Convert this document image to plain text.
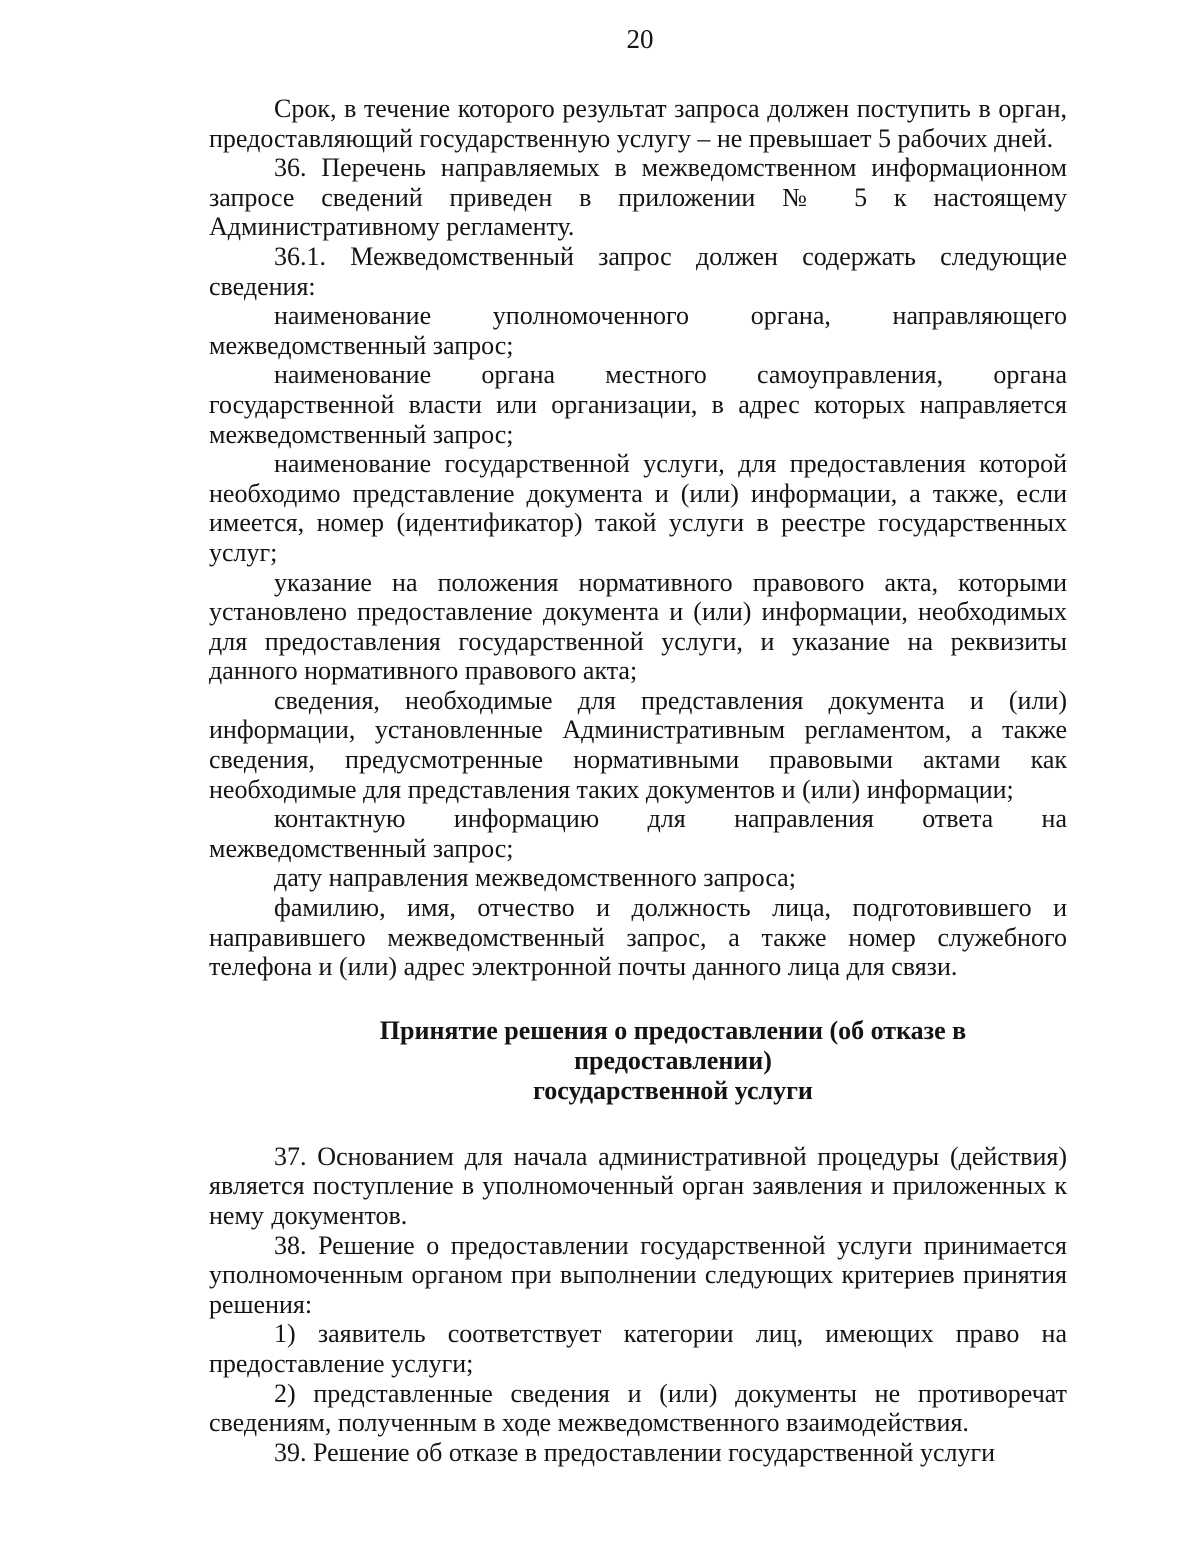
20

Срок, в течение которого результат запроса должен поступить в орган, предоставляющий государственную услугу – не превышает 5 рабочих дней.

36. Перечень направляемых в межведомственном информационном запросе сведений приведен в приложении № 5 к настоящему Административному регламенту.

36.1. Межведомственный запрос должен содержать следующие сведения:

наименование уполномоченного органа, направляющего межведомственный запрос;

наименование органа местного самоуправления, органа государственной власти или организации, в адрес которых направляется межведомственный запрос;

наименование государственной услуги, для предоставления которой необходимо представление документа и (или) информации, а также, если имеется, номер (идентификатор) такой услуги в реестре государственных услуг;

указание на положения нормативного правового акта, которыми установлено предоставление документа и (или) информации, необходимых для предоставления государственной услуги, и указание на реквизиты данного нормативного правового акта;

сведения, необходимые для представления документа и (или) информации, установленные Административным регламентом, а также сведения, предусмотренные нормативными правовыми актами как необходимые для представления таких документов и (или) информации;

контактную информацию для направления ответа на межведомственный запрос;

дату направления межведомственного запроса;

фамилию, имя, отчество и должность лица, подготовившего и направившего межведомственный запрос, а также номер служебного телефона и (или) адрес электронной почты данного лица для связи.

Принятие решения о предоставлении (об отказе в предоставлении)
государственной услуги

37. Основанием для начала административной процедуры (действия) является поступление в уполномоченный орган заявления и приложенных к нему документов.

38. Решение о предоставлении государственной услуги принимается уполномоченным органом при выполнении следующих критериев принятия решения:

1) заявитель соответствует категории лиц, имеющих право на предоставление услуги;

2) представленные сведения и (или) документы не противоречат сведениям, полученным в ходе межведомственного взаимодействия.

39. Решение об отказе в предоставлении государственной услуги
